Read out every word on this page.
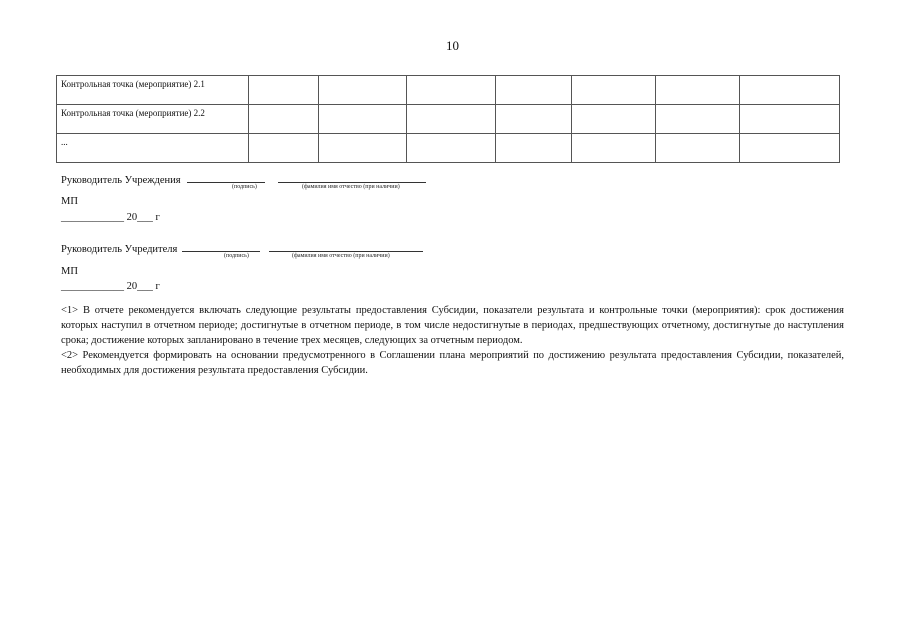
10
Контрольная точка (мероприятие) 2.1							
Контрольная точка (мероприятие) 2.2							
...							
Руководитель Учреждения
(подпись)	(фамилия имя отчество (при наличии)
МП
____________ 20___ г
Руководитель Учредителя
(подпись)	(фамилия имя отчество (при наличии)
МП
____________ 20___ г

<1> В отчете рекомендуется включать следующие результаты предоставления Субсидии, показатели результата и контрольные точки (мероприятия): срок достижения которых наступил в отчетном периоде; достигнутые в отчетном периоде, в том числе недостигнутые в периодах, предшествующих отчетному, достигнутые до наступления срока; достижение которых запланировано в течение трех месяцев, следующих за отчетным периодом.

<2> Рекомендуется формировать на основании предусмотренного в Соглашении плана мероприятий по достижению результата предоставления Субсидии, показателей, необходимых для достижения результата предоставления Субсидии.
